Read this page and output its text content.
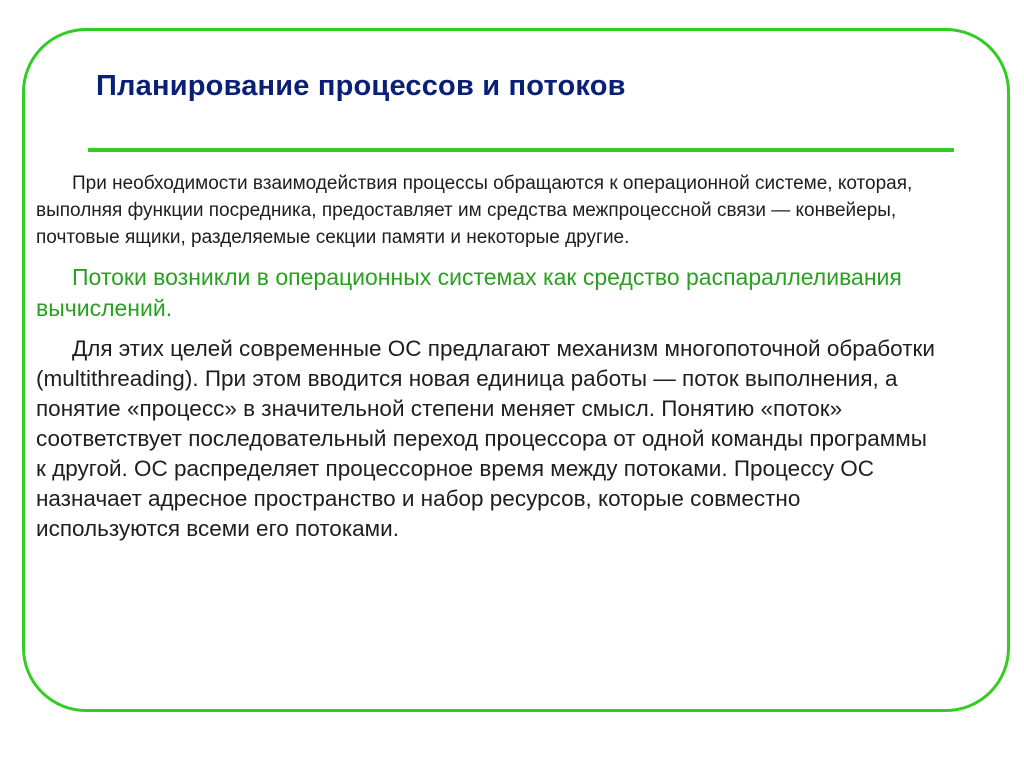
Планирование процессов и потоков

При необходимости взаимодействия процессы обращаются к операционной системе, которая, выполняя функции посредника, предоставляет им средства межпроцессной связи — конвейеры, почтовые ящики, разделяемые секции памяти и некоторые другие.

Потоки возникли в операционных системах как средство распараллеливания вычислений.

Для этих целей современные ОС предлагают механизм многопоточной обработки (multithreading). При этом вводится новая единица работы — поток выполнения, а понятие «процесс» в значительной степени меняет смысл. Понятию «поток» соответствует последовательный переход процессора от одной команды программы к другой. ОС распределяет процессорное время между потоками. Процессу ОС назначает адресное пространство и набор ресурсов, которые совместно используются всеми его потоками.
